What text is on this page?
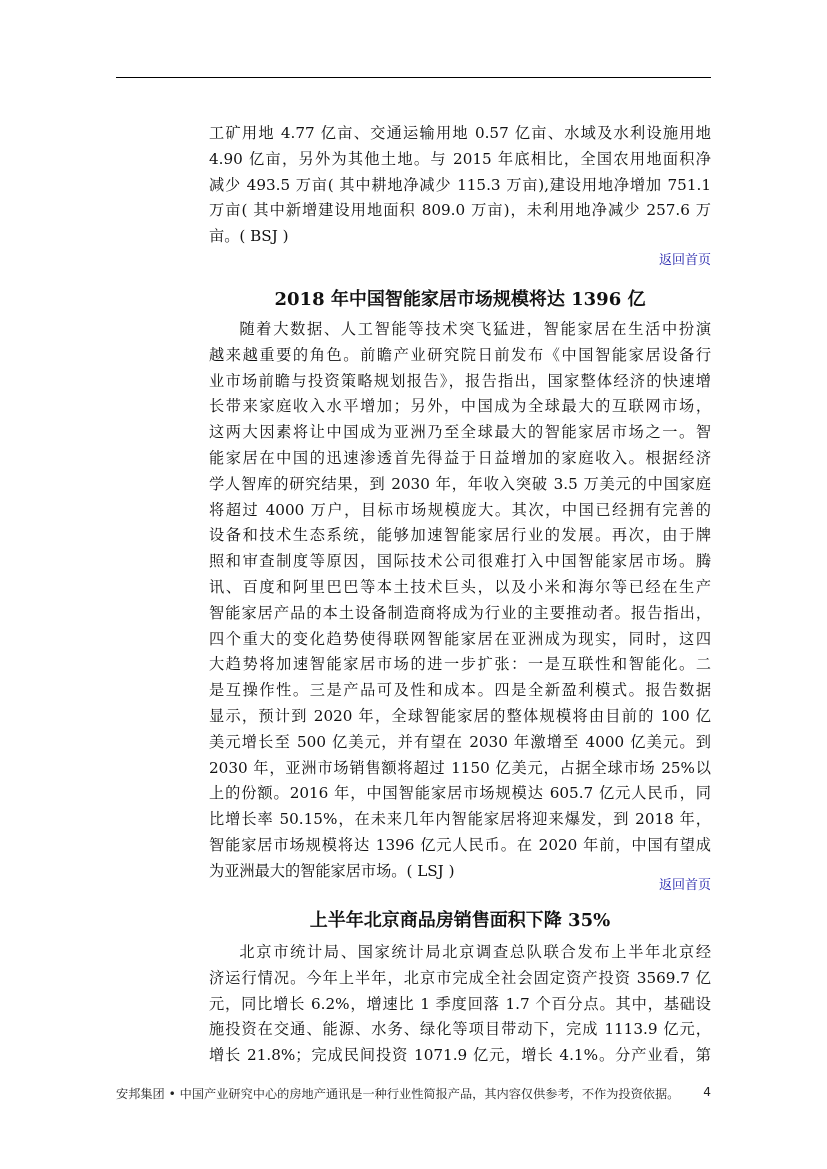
工矿用地 4.77 亿亩、交通运输用地 0.57 亿亩、水域及水利设施用地
4.90 亿亩，另外为其他土地。与 2015 年底相比，全国农用地面积净
减少 493.5 万亩( 其中耕地净减少 115.3 万亩),建设用地净增加 751.1
万亩( 其中新增建设用地面积 809.0 万亩)，未利用地净减少 257.6 万
亩。( BSJ )

返回首页
2018 年中国智能家居市场规模将达 1396 亿

随着大数据、人工智能等技术突飞猛进，智能家居在生活中扮演
越来越重要的角色。前瞻产业研究院日前发布《中国智能家居设备行
业市场前瞻与投资策略规划报告》，报告指出，国家整体经济的快速增
长带来家庭收入水平增加；另外，中国成为全球最大的互联网市场，
这两大因素将让中国成为亚洲乃至全球最大的智能家居市场之一。智
能家居在中国的迅速渗透首先得益于日益增加的家庭收入。根据经济
学人智库的研究结果，到 2030 年，年收入突破 3.5 万美元的中国家庭
将超过 4000 万户，目标市场规模庞大。其次，中国已经拥有完善的
设备和技术生态系统，能够加速智能家居行业的发展。再次，由于牌
照和审查制度等原因，国际技术公司很难打入中国智能家居市场。腾
讯、百度和阿里巴巴等本土技术巨头，以及小米和海尔等已经在生产
智能家居产品的本土设备制造商将成为行业的主要推动者。报告指出，
四个重大的变化趋势使得联网智能家居在亚洲成为现实，同时，这四
大趋势将加速智能家居市场的进一步扩张：一是互联性和智能化。二
是互操作性。三是产品可及性和成本。四是全新盈利模式。报告数据
显示，预计到 2020 年，全球智能家居的整体规模将由目前的 100 亿
美元增长至 500 亿美元，并有望在 2030 年激增至 4000 亿美元。到
2030 年，亚洲市场销售额将超过 1150 亿美元，占据全球市场 25%以
上的份额。2016 年，中国智能家居市场规模达 605.7 亿元人民币，同
比增长率 50.15%，在未来几年内智能家居将迎来爆发，到 2018 年，
智能家居市场规模将达 1396 亿元人民币。在 2020 年前，中国有望成
为亚洲最大的智能家居市场。( LSJ )

返回首页
上半年北京商品房销售面积下降 35%

北京市统计局、国家统计局北京调查总队联合发布上半年北京经
济运行情况。今年上半年，北京市完成全社会固定资产投资 3569.7 亿
元，同比增长 6.2%，增速比 1 季度回落 1.7 个百分点。其中，基础设
施投资在交通、能源、水务、绿化等项目带动下，完成 1113.9 亿元，
增长 21.8%；完成民间投资 1071.9 亿元，增长 4.1%。分产业看，第

安邦集团 • 中国产业研究中心的房地产通讯是一种行业性简报产品，其内容仅供参考，不作为投资依据。 4
